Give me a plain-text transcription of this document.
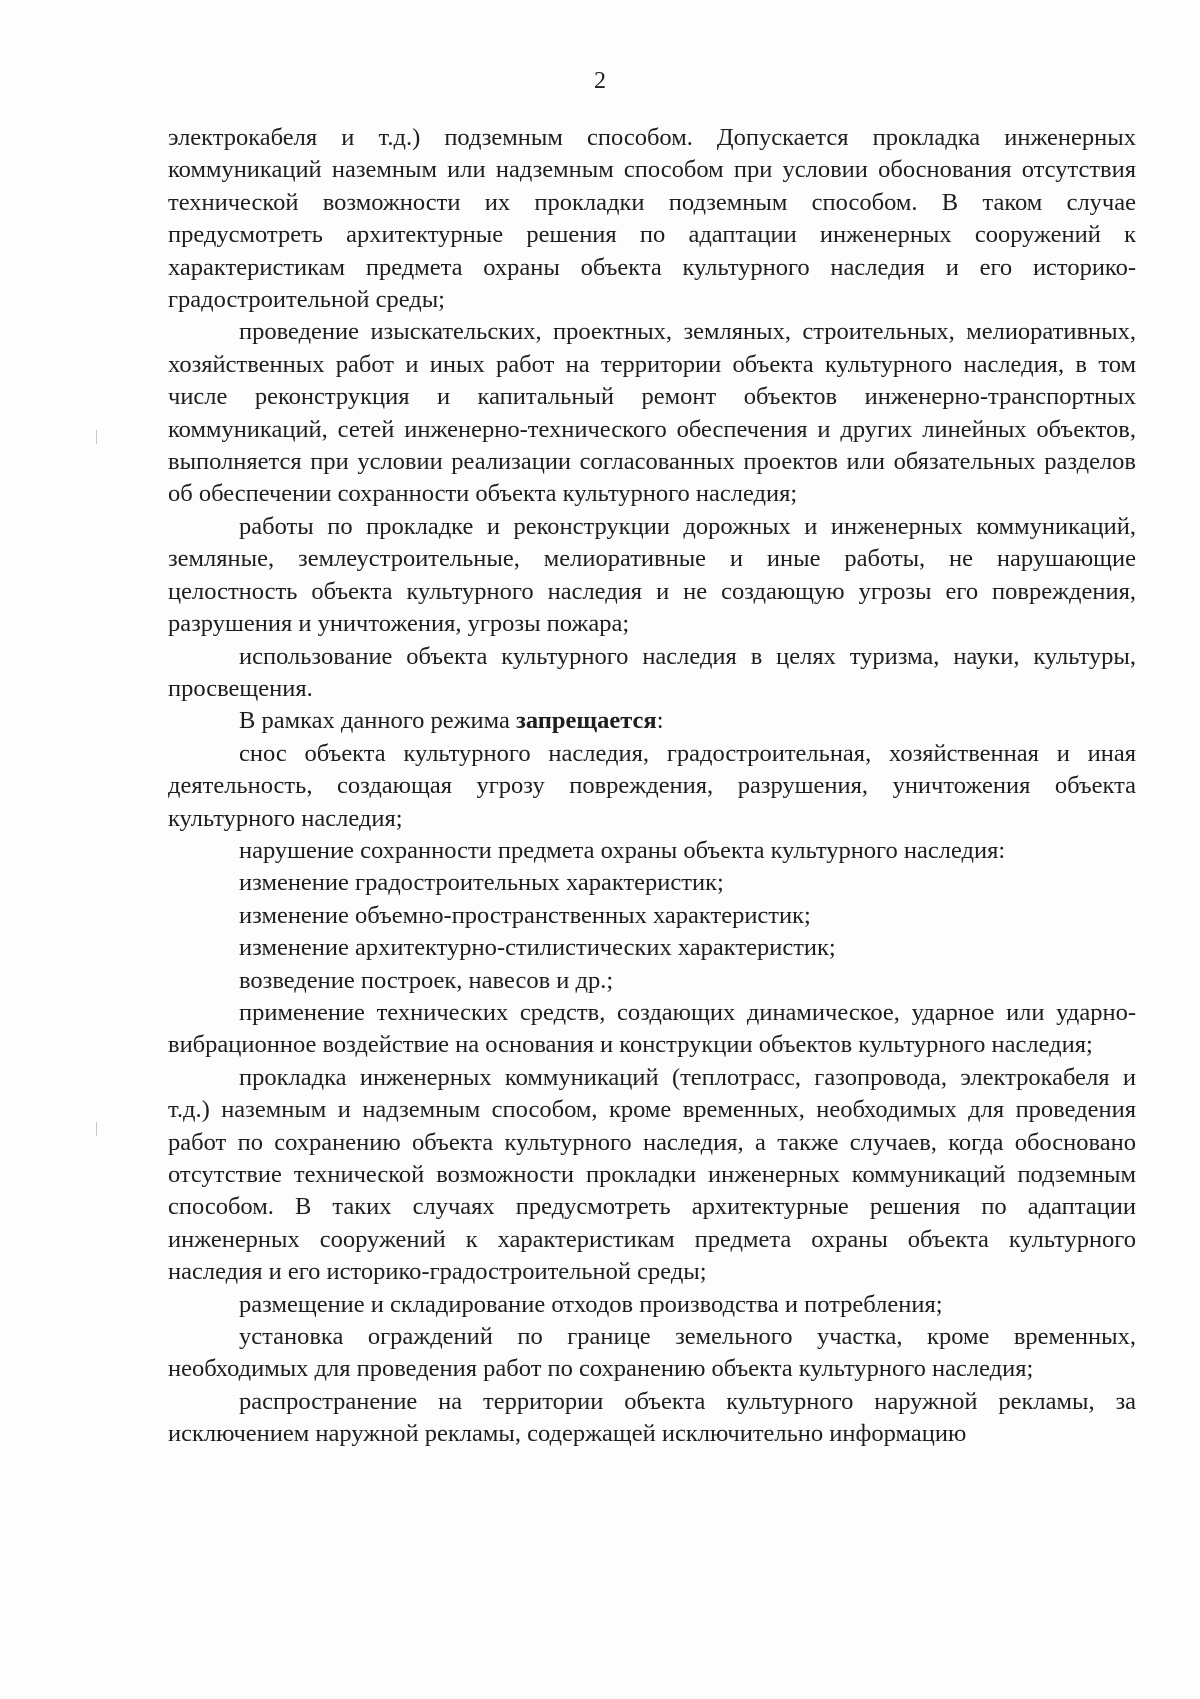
2

электрокабеля и т.д.) подземным способом. Допускается прокладка инженерных коммуникаций наземным или надземным способом при условии обоснования отсутствия технической возможности их прокладки подземным способом. В таком случае предусмотреть архитектурные решения по адаптации инженерных сооружений к характеристикам предмета охраны объекта культурного наследия и его историко-градостроительной среды;

проведение изыскательских, проектных, земляных, строительных, мелиоративных, хозяйственных работ и иных работ на территории объекта культурного наследия, в том числе реконструкция и капитальный ремонт объектов инженерно-транспортных коммуникаций, сетей инженерно-технического обеспечения и других линейных объектов, выполняется при условии реализации согласованных проектов или обязательных разделов об обеспечении сохранности объекта культурного наследия;

работы по прокладке и реконструкции дорожных и инженерных коммуникаций, земляные, землеустроительные, мелиоративные и иные работы, не нарушающие целостность объекта культурного наследия и не создающую угрозы его повреждения, разрушения и уничтожения, угрозы пожара;

использование объекта культурного наследия в целях туризма, науки, культуры, просвещения.

В рамках данного режима запрещается:

снос объекта культурного наследия, градостроительная, хозяйственная и иная деятельность, создающая угрозу повреждения, разрушения, уничтожения объекта культурного наследия;

нарушение сохранности предмета охраны объекта культурного наследия:

изменение градостроительных характеристик;

изменение объемно-пространственных характеристик;

изменение архитектурно-стилистических характеристик;

возведение построек, навесов и др.;

применение технических средств, создающих динамическое, ударное или ударно-вибрационное воздействие на основания и конструкции объектов культурного наследия;

прокладка инженерных коммуникаций (теплотрасс, газопровода, электрокабеля и т.д.) наземным и надземным способом, кроме временных, необходимых для проведения работ по сохранению объекта культурного наследия, а также случаев, когда обосновано отсутствие технической возможности прокладки инженерных коммуникаций подземным способом. В таких случаях предусмотреть архитектурные решения по адаптации инженерных сооружений к характеристикам предмета охраны объекта культурного наследия и его историко-градостроительной среды;

размещение и складирование отходов производства и потребления;

установка ограждений по границе земельного участка, кроме временных, необходимых для проведения работ по сохранению объекта культурного наследия;

распространение на территории объекта культурного наружной рекламы, за исключением наружной рекламы, содержащей исключительно информацию
